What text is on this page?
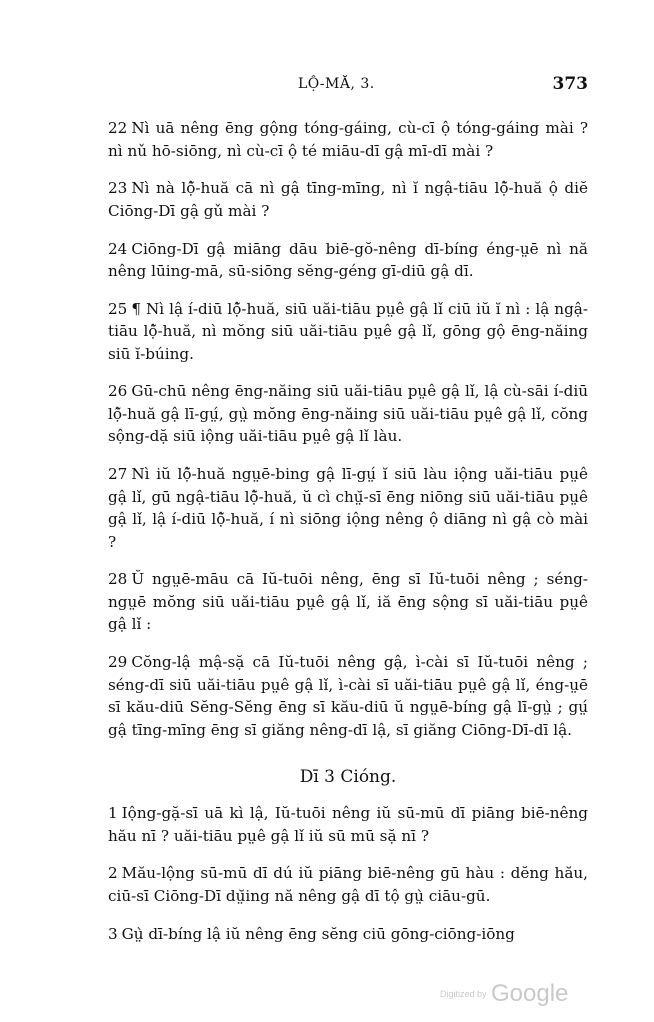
LỘ-MĂ, 3.	373

22 Nì uā nêng ēng gộng tóng-gáing, cù-cī ộ tóng-gáing mài ? nì nǔ hō-siōng, nì cù-cī ộ té miāu-dī gậ mī-dī mài ?

23 Nì nà lộ̆-huă cā nì gậ tīng-mīng, nì ĭ ngậ-tiāu lộ̆-huă ộ diĕ Ciōng-Dī gậ gǔ mài ?

24 Ciōng-Dī gậ miāng dāu biē-gŏ-nêng dī-bíng éng-ṳē nì nă nêng lūing-mā, sū-siōng sĕng-géng gī-diū gậ dī.

25 ¶ Nì lậ í-diū lộ̆-huă, siū uăi-tiāu pṳê gậ lǐ ciū iŭ ĭ nì : lậ ngậ-tiāu lộ̆-huă, nì mŏng siū uăi-tiāu pṳê gậ lǐ, gōng gộ ēng-năing siū ĭ-búing.

26 Gū-chū nêng ēng-năing siū uăi-tiāu pṳê gậ lǐ, lậ cù-sāi í-diū lộ̆-huă gậ lī-gṳ́, gṳ̀ mŏng ēng-năing siū uăi-tiāu pṳê gậ lǐ, cŏng sộng-dặ siū iộng uăi-tiāu pṳê gậ lǐ làu.

27 Nì iŭ lộ̆-huă ngṳē-bing gậ lī-gṳ́ ĭ siū làu iộng uăi-tiāu pṳê gậ lǐ, gū ngậ-tiāu lộ̆-huă, ŭ cì chṳ̆-sī ēng niōng siū uăi-tiāu pṳê gậ lǐ, lậ í-diū lộ̆-huă, í nì siōng iộng nêng ộ diāng nì gậ cò mài ?

28 Ŭ ngṳē-māu cā Iŭ-tuōi nêng, ēng sī Iŭ-tuōi nêng ; séng-ngṳē mŏng siū uăi-tiāu pṳê gậ lǐ, iă ēng sộng sī uăi-tiāu pṳê gậ lǐ :

29 Cŏng-lậ mậ-sặ cā Iŭ-tuōi nêng gậ, ì-cài sī Iŭ-tuōi nêng ; séng-dī siū uăi-tiāu pṳê gậ lǐ, ì-cài sī uăi-tiāu pṳê gậ lǐ, éng-ṳē sī kău-diū Sĕng-Sĕng ēng sī kău-diū ŭ ngṳē-bíng gậ lī-gṳ̀ ; gṳ́ gậ tīng-mīng ēng sī giăng nêng-dī lậ, sī giăng Ciōng-Dī-dī lậ.

Dī 3 Cióng.

1 Iộng-gặ-sī uā kì lậ, Iŭ-tuōi nêng iŭ sū-mū dī piāng biē-nêng hău nī ? uăi-tiāu pṳê gậ lǐ iŭ sū mū sặ nī ?

2 Mău-lộng sū-mū dī dú iŭ piāng biē-nêng gū hàu : dĕng hău, ciū-sī Ciōng-Dī dṳ̆ing nă nêng gậ dī tộ gṳ̀ ciāu-gū.

3 Gṳ̀ dī-bíng lậ iŭ nêng ēng sĕng ciū gōng-ciōng-iōng

Digitized by Google
